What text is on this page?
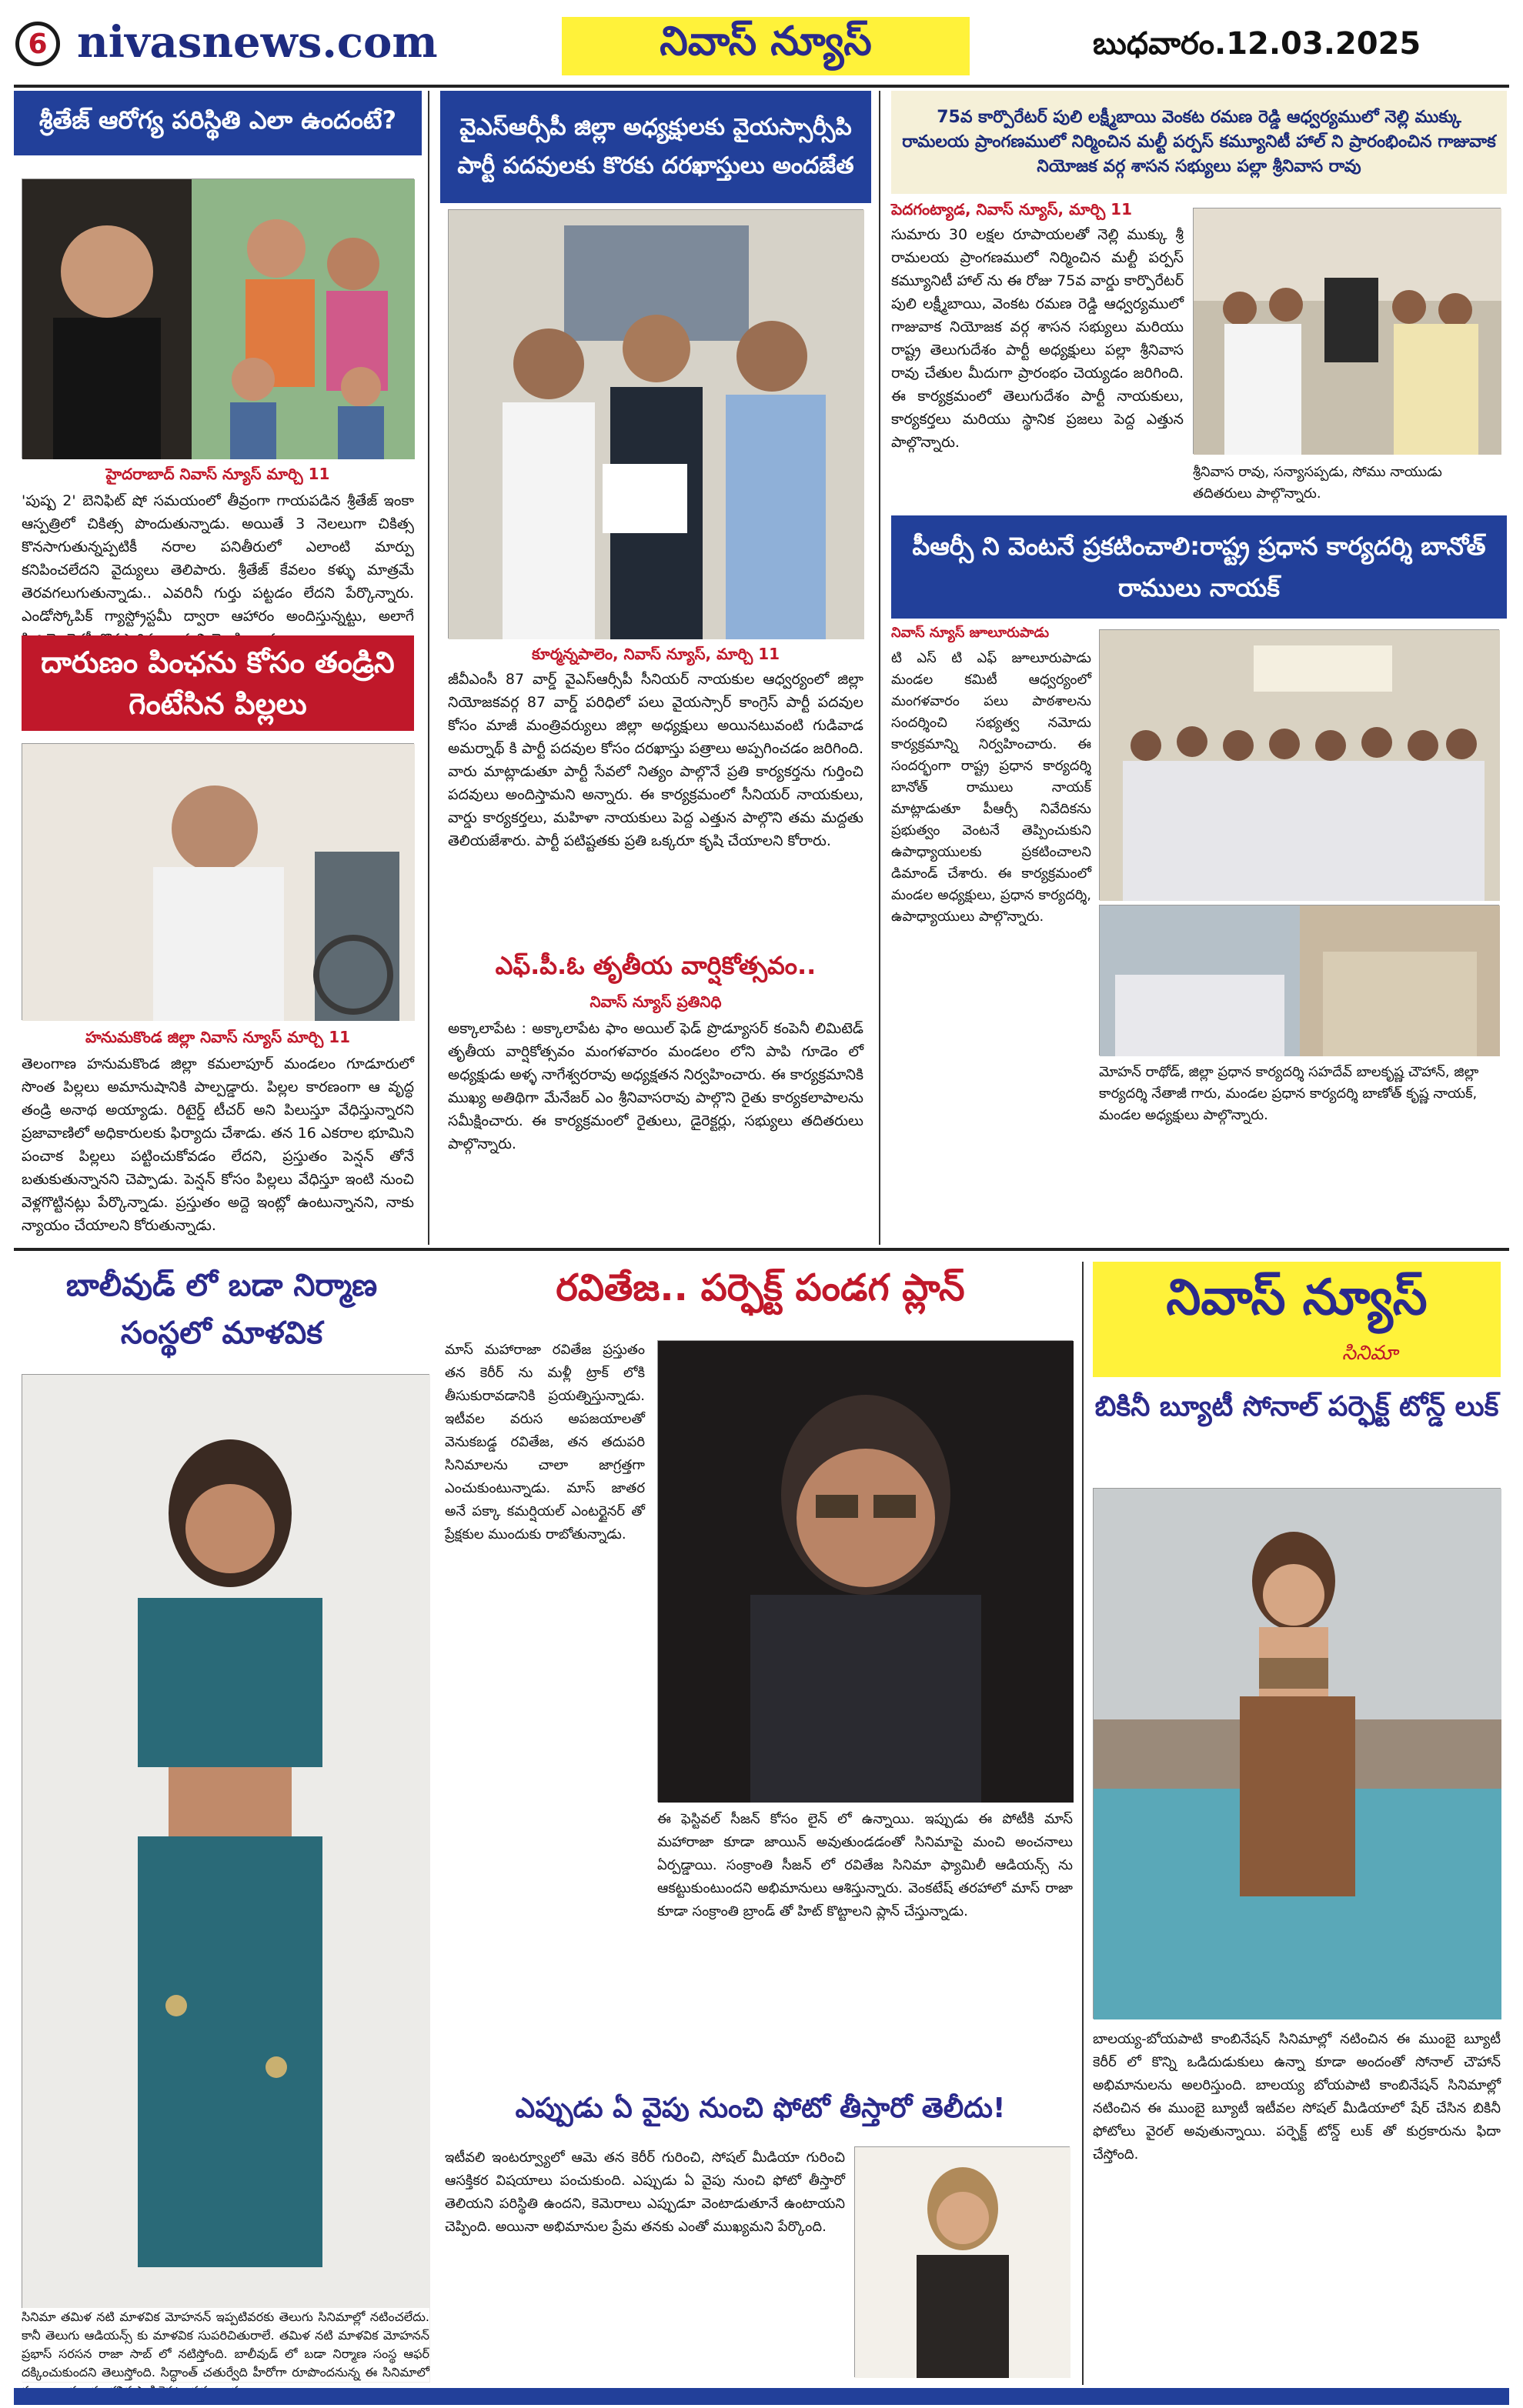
6 nivasnews.com	నివాస్ న్యూస్	బుధవారం.12.03.2025
శ్రీతేజ్ ఆరోగ్య పరిస్థితి ఎలా ఉందంటే?
హైదరాబాద్ నివాస్ న్యూస్ మార్చి 11
'పుష్ప 2' బెనిఫిట్ షో సమయంలో తీవ్రంగా గాయపడిన శ్రీతేజ్ ఇంకా ఆస్పత్రిలో చికిత్స పొందుతున్నాడు. అయితే 3 నెలలుగా చికిత్స కొనసాగుతున్నప్పటికీ నరాల పనితీరులో ఎలాంటి మార్పు కనిపించలేదని వైద్యులు తెలిపారు. శ్రీతేజ్ కేవలం కళ్ళు మాత్రమే తెరవగలుగుతున్నాడు.. ఎవరినీ గుర్తు పట్టడం లేదని పేర్కొన్నారు. ఎండోస్కోపిక్ గ్యాస్ట్రోస్టమీ ద్వారా ఆహారం అందిస్తున్నట్టు, అలాగే
దారుణం పింఛను కోసం తండ్రిని గెంటేసిన పిల్లలు
హనుమకొండ జిల్లా నివాస్ న్యూస్ మార్చి 11
తెలంగాణ హనుమకొండ జిల్లా కమలాపూర్ మండలం గూడూరులో సొంత పిల్లలు అమానుషానికి పాల్పడ్డారు. పిల్లల కారణంగా ఆ వృద్ధ తండ్రి అనాథ అయ్యాడు. రిటైర్డ్ టీచర్ అని పిలుస్తూ వేధిస్తున్నారని ప్రజావాణిలో అధికారులకు ఫిర్యాదు చేశాడు. తన 16 ఎకరాల భూమిని పంచాక పిల్లలు పట్టించుకోవడం లేదని, ప్రస్తుతం పెన్షన్ తోనే బతుకుతున్నానని చెప్పాడు. పెన్షన్ కోసం పిల్లలు వేధిస్తూ ఇంటి నుంచి వెళ్లగొట్టినట్లు పేర్కొన్నాడు. ప్రస్తుతం అద్దె ఇంట్లో ఉంటున్నానని, నాకు న్యాయం చేయాలని కోరుతున్నాడు.
వైఎస్ఆర్సీపీ జిల్లా అధ్యక్షులకు వైయస్సార్సీపి పార్టీ పదవులకు కొరకు దరఖాస్తులు అందజేత
కూర్మన్నపాలెం, నివాస్ న్యూస్, మార్చి 11
జీవీఎంసీ 87 వార్డ్ వైఎస్ఆర్సీపీ సీనియర్ నాయకుల ఆధ్వర్యంలో జిల్లా నియోజకవర్గ 87 వార్డ్ పరిధిలో పలు వైయస్సార్ కాంగ్రెస్ పార్టీ పదవుల కోసం మాజీ మంత్రివర్యులు జిల్లా అధ్యక్షులు అయినటువంటి గుడివాడ అమర్నాథ్ కి పార్టీ పదవుల కోసం దరఖాస్తు పత్రాలు అప్పగించడం జరిగింది. వారు మాట్లాడుతూ పార్టీ సేవలో నిత్యం పాల్గొనే ప్రతి కార్యకర్తను గుర్తించి పదవులు అందిస్తామని అన్నారు. ఈ కార్యక్రమంలో సీనియర్ నాయకులు, వార్డు కార్యకర్తలు, మహిళా నాయకులు పెద్ద ఎత్తున పాల్గొని తమ మద్దతు తెలియజేశారు. పార్టీ పటిష్టతకు ప్రతి ఒక్కరూ కృషి చేయాలని కోరారు.
ఎఫ్.పీ.ఓ తృతీయ వార్షికోత్సవం..
నివాస్ న్యూస్ ప్రతినిధి
అక్కాలాపేట : అక్కాలాపేట ఫాం అయిల్ ఫెడ్ ప్రొడ్యూసర్ కంపెనీ లిమిటెడ్ తృతీయ వార్షికోత్సవం మంగళవారం మండలం లోని పాపి గూడెం లో అధ్యక్షుడు అళ్ళ నాగేశ్వరరావు అధ్యక్షతన నిర్వహించారు. ఈ కార్యక్రమానికి ముఖ్య అతిథిగా మేనేజర్ ఎం శ్రీనివాసరావు పాల్గొని రైతు కార్యకలాపాలను సమీక్షించారు. ఈ కార్యక్రమంలో రైతులు, డైరెక్టర్లు, సభ్యులు తదితరులు పాల్గొన్నారు.
75వ కార్పొరేటర్ పులి లక్ష్మీబాయి వెంకట రమణ రెడ్డి ఆధ్వర్యములో నెల్లి ముక్కు రామలయ ప్రాంగణములో నిర్మించిన మల్టీ పర్పస్ కమ్యూనిటీ హాల్ ని ప్రారంభించిన గాజువాక నియోజక వర్గ శాసన సభ్యులు పల్లా శ్రీనివాస రావు
పెదగంట్యాడ, నివాస్ న్యూస్, మార్చి 11
సుమారు 30 లక్షల రూపాయలతో నెల్లి ముక్కు శ్రీ రామలయ ప్రాంగణములో నిర్మించిన మల్టీ పర్పస్ కమ్యూనిటీ హాల్ ను ఈ రోజు 75వ వార్డు కార్పొరేటర్ పులి లక్ష్మీబాయి, వెంకట రమణ రెడ్డి ఆధ్వర్యములో గాజువాక నియోజక వర్గ శాసన సభ్యులు మరియు రాష్ట్ర తెలుగుదేశం పార్టీ అధ్యక్షులు పల్లా శ్రీనివాస రావు చేతుల మీదుగా ప్రారంభం చెయ్యడం జరిగింది. ఈ కార్యక్రమంలో తెలుగుదేశం పార్టీ నాయకులు, కార్యకర్తలు మరియు స్థానిక ప్రజలు పెద్ద ఎత్తున పాల్గొన్నారు.
శ్రీనివాస రావు, సన్యాసప్పడు, సోము నాయుడు తదితరులు పాల్గొన్నారు.
పీఆర్సీ ని వెంటనే ప్రకటించాలి:రాష్ట్ర ప్రధాన కార్యదర్శి బానోత్ రాములు నాయక్
నివాస్ న్యూస్ జూలూరుపాడు
టి ఎస్ టి ఎఫ్ జూలూరుపాడు మండల కమిటీ ఆధ్వర్యంలో మంగళవారం పలు పాఠశాలను సందర్శించి సభ్యత్వ నమోదు కార్యక్రమాన్ని నిర్వహించారు. ఈ సందర్భంగా రాష్ట్ర ప్రధాన కార్యదర్శి బానోత్ రాములు నాయక్ మాట్లాడుతూ పీఆర్సీ నివేదికను ప్రభుత్వం వెంటనే తెప్పించుకుని ఉపాధ్యాయులకు ప్రకటించాలని డిమాండ్ చేశారు. ఈ కార్యక్రమంలో మండల అధ్యక్షులు, ప్రధాన కార్యదర్శి, ఉపాధ్యాయులు పాల్గొన్నారు.
మోహన్ రాథోడ్, జిల్లా ప్రధాన కార్యదర్శి సహదేవ్ బాలకృష్ణ చౌహాన్, జిల్లా కార్యదర్శి నేతాజీ గారు, మండల ప్రధాన కార్యదర్శి బాణోత్ కృష్ణ నాయక్, మండల అధ్యక్షులు పాల్గొన్నారు.
బాలీవుడ్ లో బడా నిర్మాణ సంస్థలో మాళవిక
సినిమా తమిళ నటి మాళవిక మోహనన్ ఇప్పటివరకు తెలుగు సినిమాల్లో నటించలేదు. కానీ తెలుగు ఆడియన్స్ కు మాళవిక సుపరిచితురాలే. తమిళ నటి మాళవిక మోహనన్ ప్రభాస్ సరసన రాజా సాబ్ లో నటిస్తోంది. బాలీవుడ్ లో బడా నిర్మాణ సంస్థ ఆఫర్ దక్కించుకుందని తెలుస్తోంది. సిద్ధాంత్ చతుర్వేది హీరోగా రూపొందనున్న ఈ సినిమాలో
రవితేజ.. పర్ఫెక్ట్ పండగ ప్లాన్
మాస్ మహారాజా రవితేజ ప్రస్తుతం తన కెరీర్ ను మళ్లీ ట్రాక్ లోకి తీసుకురావడానికి ప్రయత్నిస్తున్నాడు. ఇటీవల వరుస అపజయాలతో వెనుకబడ్డ రవితేజ, తన తదుపరి సినిమాలను చాలా జాగ్రత్తగా ఎంచుకుంటున్నాడు. మాస్ జాతర అనే పక్కా కమర్షియల్ ఎంటర్టైనర్ తో ప్రేక్షకుల ముందుకు రాబోతున్నాడు.
ఈ ఫెస్టివల్ సీజన్ కోసం లైన్ లో ఉన్నాయి. ఇప్పుడు ఈ పోటీకి మాస్ మహారాజా కూడా జాయిన్ అవుతుండడంతో సినిమాపై మంచి అంచనాలు ఏర్పడ్డాయి. సంక్రాంతి సీజన్ లో రవితేజ సినిమా ఫ్యామిలీ ఆడియన్స్ ను ఆకట్టుకుంటుందని అభిమానులు ఆశిస్తున్నారు. వెంకటేష్ తరహాలో మాస్ రాజా కూడా సంక్రాంతి బ్రాండ్ తో హిట్ కొట్టాలని ప్లాన్ చేస్తున్నాడు.
ఎప్పుడు ఏ వైపు నుంచి ఫోటో తీస్తారో తెలీదు!
ఇటీవలి ఇంటర్వ్యూలో ఆమె తన కెరీర్ గురించి, సోషల్ మీడియా గురించి ఆసక్తికర విషయాలు పంచుకుంది. ఎప్పుడు ఏ వైపు నుంచి ఫోటో తీస్తారో తెలియని పరిస్థితి ఉందని, కెమెరాలు ఎప్పుడూ వెంటాడుతూనే ఉంటాయని చెప్పింది. అయినా అభిమానుల ప్రేమ తనకు ఎంతో ముఖ్యమని పేర్కొంది.
నివాస్ న్యూస్
సినిమా
బికినీ బ్యూటీ సోనాల్ పర్ఫెక్ట్ టోన్డ్ లుక్
బాలయ్య-బోయపాటి కాంబినేషన్ సినిమాల్లో నటించిన ఈ ముంబై బ్యూటీ కెరీర్ లో కొన్ని ఒడిదుడుకులు ఉన్నా కూడా అందంతో సోనాల్ చౌహాన్ అభిమానులను అలరిస్తుంది. బాలయ్య బోయపాటి కాంబినేషన్ సినిమాల్లో నటించిన ఈ ముంబై బ్యూటీ ఇటీవల సోషల్ మీడియాలో షేర్ చేసిన బికినీ ఫోటోలు వైరల్ అవుతున్నాయి. పర్ఫెక్ట్ టోన్డ్ లుక్ తో కుర్రకారును ఫిదా చేస్తోంది.
